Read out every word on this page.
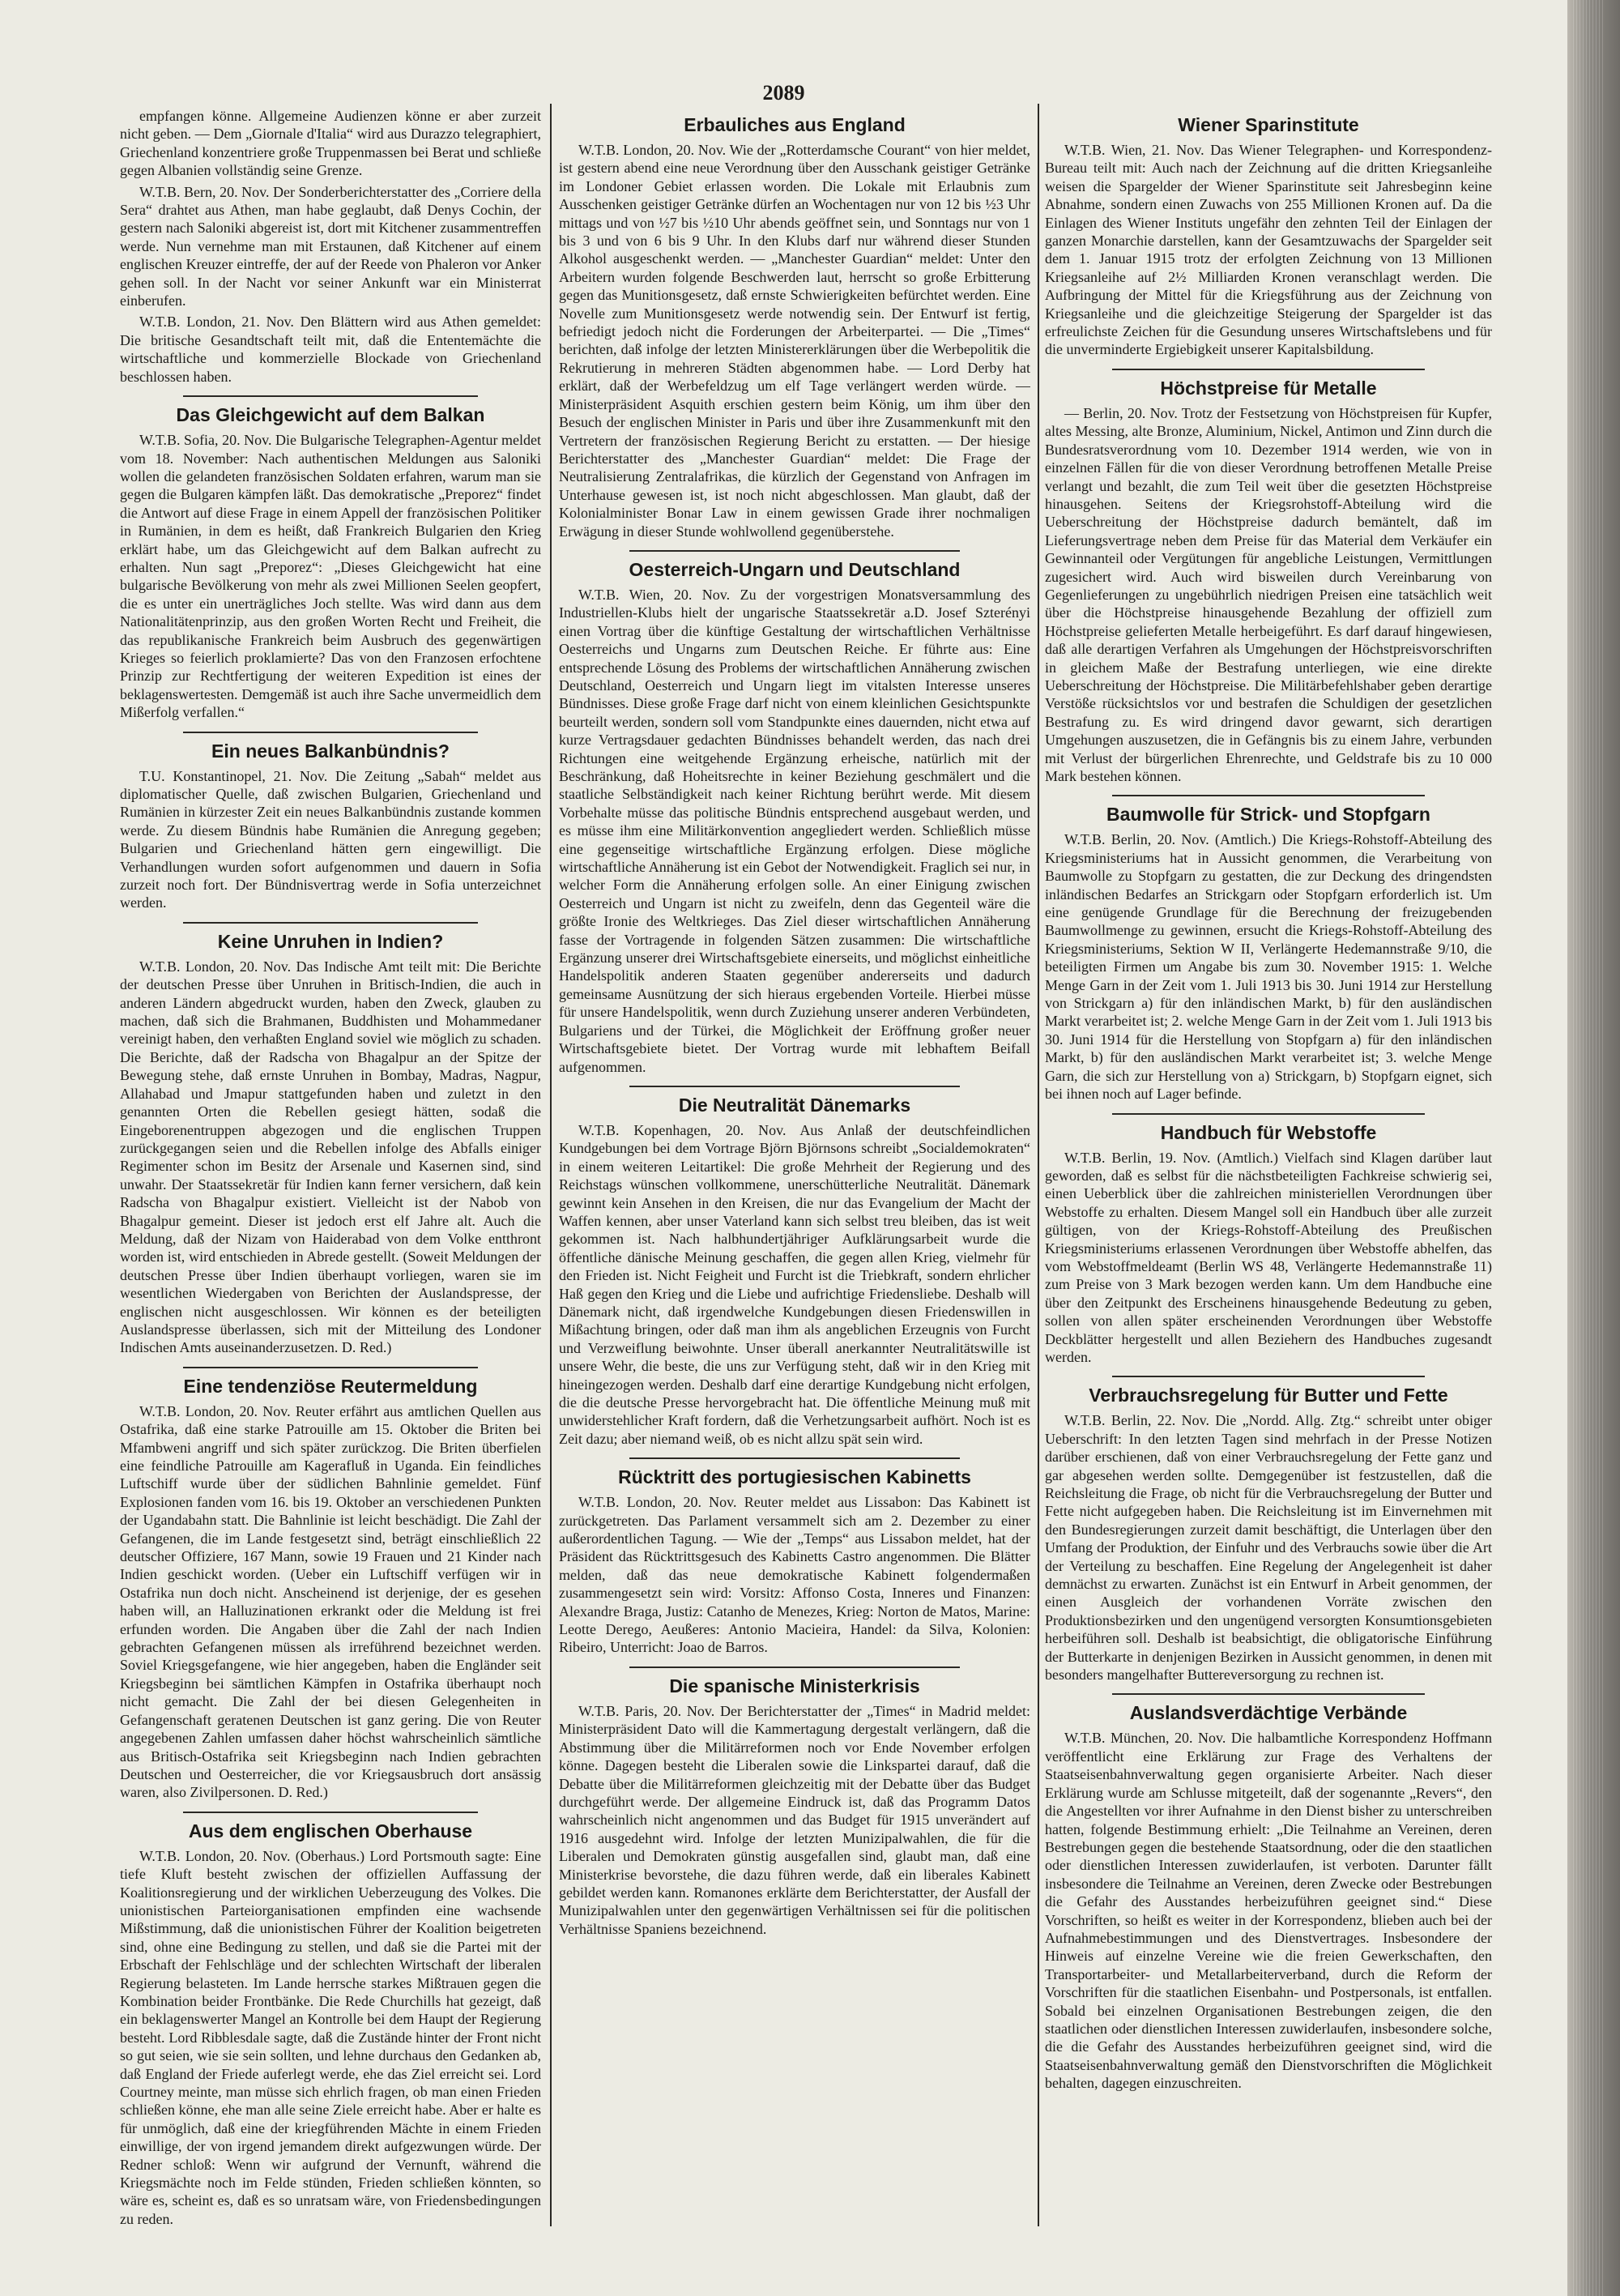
2089

empfangen könne. Allgemeine Audienzen könne er aber zurzeit nicht geben. — Dem „Giornale d'Italia“ wird aus Durazzo telegraphiert, Griechenland konzentriere große Truppenmassen bei Berat und schließe gegen Albanien vollständig seine Grenze.

W.T.B. Bern, 20. Nov. Der Sonderberichterstatter des „Corriere della Sera“ drahtet aus Athen, man habe geglaubt, daß Denys Cochin, der gestern nach Saloniki abgereist ist, dort mit Kitchener zusammentreffen werde. Nun vernehme man mit Erstaunen, daß Kitchener auf einem englischen Kreuzer eintreffe, der auf der Reede von Phaleron vor Anker gehen soll. In der Nacht vor seiner Ankunft war ein Ministerrat einberufen.

W.T.B. London, 21. Nov. Den Blättern wird aus Athen gemeldet: Die britische Gesandtschaft teilt mit, daß die Ententemächte die wirtschaftliche und kommerzielle Blockade von Griechenland beschlossen haben.

Das Gleichgewicht auf dem Balkan

W.T.B. Sofia, 20. Nov. Die Bulgarische Telegraphen-Agentur meldet vom 18. November: Nach authentischen Meldungen aus Saloniki wollen die gelandeten französischen Soldaten erfahren, warum man sie gegen die Bulgaren kämpfen läßt. Das demokratische „Preporez“ findet die Antwort auf diese Frage in einem Appell der französischen Politiker in Rumänien, in dem es heißt, daß Frankreich Bulgarien den Krieg erklärt habe, um das Gleichgewicht auf dem Balkan aufrecht zu erhalten. Nun sagt „Preporez“: „Dieses Gleichgewicht hat eine bulgarische Bevölkerung von mehr als zwei Millionen Seelen geopfert, die es unter ein unerträgliches Joch stellte. Was wird dann aus dem Nationalitätenprinzip, aus den großen Worten Recht und Freiheit, die das republikanische Frankreich beim Ausbruch des gegenwärtigen Krieges so feierlich proklamierte? Das von den Franzosen erfochtene Prinzip zur Rechtfertigung der weiteren Expedition ist eines der beklagenswertesten. Demgemäß ist auch ihre Sache unvermeidlich dem Mißerfolg verfallen.“

Ein neues Balkanbündnis?

T.U. Konstantinopel, 21. Nov. Die Zeitung „Sabah“ meldet aus diplomatischer Quelle, daß zwischen Bulgarien, Griechenland und Rumänien in kürzester Zeit ein neues Balkanbündnis zustande kommen werde. Zu diesem Bündnis habe Rumänien die Anregung gegeben; Bulgarien und Griechenland hätten gern eingewilligt. Die Verhandlungen wurden sofort aufgenommen und dauern in Sofia zurzeit noch fort. Der Bündnisvertrag werde in Sofia unterzeichnet werden.

Keine Unruhen in Indien?

W.T.B. London, 20. Nov. Das Indische Amt teilt mit: Die Berichte der deutschen Presse über Unruhen in Britisch-Indien, die auch in anderen Ländern abgedruckt wurden, haben den Zweck, glauben zu machen, daß sich die Brahmanen, Buddhisten und Mohammedaner vereinigt haben, den verhaßten England soviel wie möglich zu schaden. Die Berichte, daß der Radscha von Bhagalpur an der Spitze der Bewegung stehe, daß ernste Unruhen in Bombay, Madras, Nagpur, Allahabad und Jmapur stattgefunden haben und zuletzt in den genannten Orten die Rebellen gesiegt hätten, sodaß die Eingeborenentruppen abgezogen und die englischen Truppen zurückgegangen seien und die Rebellen infolge des Abfalls einiger Regimenter schon im Besitz der Arsenale und Kasernen sind, sind unwahr. Der Staatssekretär für Indien kann ferner versichern, daß kein Radscha von Bhagalpur existiert. Vielleicht ist der Nabob von Bhagalpur gemeint. Dieser ist jedoch erst elf Jahre alt. Auch die Meldung, daß der Nizam von Haiderabad von dem Volke entthront worden ist, wird entschieden in Abrede gestellt. (Soweit Meldungen der deutschen Presse über Indien überhaupt vorliegen, waren sie im wesentlichen Wiedergaben von Berichten der Auslandspresse, der englischen nicht ausgeschlossen. Wir können es der beteiligten Auslandspresse überlassen, sich mit der Mitteilung des Londoner Indischen Amts auseinanderzusetzen. D. Red.)

Eine tendenziöse Reutermeldung

W.T.B. London, 20. Nov. Reuter erfährt aus amtlichen Quellen aus Ostafrika, daß eine starke Patrouille am 15. Oktober die Briten bei Mfambweni angriff und sich später zurückzog. Die Briten überfielen eine feindliche Patrouille am Kagerafluß in Uganda. Ein feindliches Luftschiff wurde über der südlichen Bahnlinie gemeldet. Fünf Explosionen fanden vom 16. bis 19. Oktober an verschiedenen Punkten der Ugandabahn statt. Die Bahnlinie ist leicht beschädigt. Die Zahl der Gefangenen, die im Lande festgesetzt sind, beträgt einschließlich 22 deutscher Offiziere, 167 Mann, sowie 19 Frauen und 21 Kinder nach Indien geschickt worden. (Ueber ein Luftschiff verfügen wir in Ostafrika nun doch nicht. Anscheinend ist derjenige, der es gesehen haben will, an Halluzinationen erkrankt oder die Meldung ist frei erfunden worden. Die Angaben über die Zahl der nach Indien gebrachten Gefangenen müssen als irreführend bezeichnet werden. Soviel Kriegsgefangene, wie hier angegeben, haben die Engländer seit Kriegsbeginn bei sämtlichen Kämpfen in Ostafrika überhaupt noch nicht gemacht. Die Zahl der bei diesen Gelegenheiten in Gefangenschaft geratenen Deutschen ist ganz gering. Die von Reuter angegebenen Zahlen umfassen daher höchst wahrscheinlich sämtliche aus Britisch-Ostafrika seit Kriegsbeginn nach Indien gebrachten Deutschen und Oesterreicher, die vor Kriegsausbruch dort ansässig waren, also Zivilpersonen. D. Red.)

Aus dem englischen Oberhause

W.T.B. London, 20. Nov. (Oberhaus.) Lord Portsmouth sagte: Eine tiefe Kluft besteht zwischen der offiziellen Auffassung der Koalitionsregierung und der wirklichen Ueberzeugung des Volkes. Die unionistischen Parteiorganisationen empfinden eine wachsende Mißstimmung, daß die unionistischen Führer der Koalition beigetreten sind, ohne eine Bedingung zu stellen, und daß sie die Partei mit der Erbschaft der Fehlschläge und der schlechten Wirtschaft der liberalen Regierung belasteten. Im Lande herrsche starkes Mißtrauen gegen die Kombination beider Frontbänke. Die Rede Churchills hat gezeigt, daß ein beklagenswerter Mangel an Kontrolle bei dem Haupt der Regierung besteht. Lord Ribblesdale sagte, daß die Zustände hinter der Front nicht so gut seien, wie sie sein sollten, und lehne durchaus den Gedanken ab, daß England der Friede auferlegt werde, ehe das Ziel erreicht sei. Lord Courtney meinte, man müsse sich ehrlich fragen, ob man einen Frieden schließen könne, ehe man alle seine Ziele erreicht habe. Aber er halte es für unmöglich, daß eine der kriegführenden Mächte in einem Frieden einwillige, der von irgend jemandem direkt aufgezwungen würde. Der Redner schloß: Wenn wir aufgrund der Vernunft, während die Kriegsmächte noch im Felde stünden, Frieden schließen könnten, so wäre es, scheint es, daß es so unratsam wäre, von Friedensbedingungen zu reden.

Erbauliches aus England

W.T.B. London, 20. Nov. Wie der „Rotterdamsche Courant“ von hier meldet, ist gestern abend eine neue Verordnung über den Ausschank geistiger Getränke im Londoner Gebiet erlassen worden. Die Lokale mit Erlaubnis zum Ausschenken geistiger Getränke dürfen an Wochentagen nur von 12 bis ½3 Uhr mittags und von ½7 bis ½10 Uhr abends geöffnet sein, und Sonntags nur von 1 bis 3 und von 6 bis 9 Uhr. In den Klubs darf nur während dieser Stunden Alkohol ausgeschenkt werden. — „Manchester Guardian“ meldet: Unter den Arbeitern wurden folgende Beschwerden laut, herrscht so große Erbitterung gegen das Munitionsgesetz, daß ernste Schwierigkeiten befürchtet werden. Eine Novelle zum Munitionsgesetz werde notwendig sein. Der Entwurf ist fertig, befriedigt jedoch nicht die Forderungen der Arbeiterpartei. — Die „Times“ berichten, daß infolge der letzten Ministererklärungen über die Werbepolitik die Rekrutierung in mehreren Städten abgenommen habe. — Lord Derby hat erklärt, daß der Werbefeldzug um elf Tage verlängert werden würde. — Ministerpräsident Asquith erschien gestern beim König, um ihm über den Besuch der englischen Minister in Paris und über ihre Zusammenkunft mit den Vertretern der französischen Regierung Bericht zu erstatten. — Der hiesige Berichterstatter des „Manchester Guardian“ meldet: Die Frage der Neutralisierung Zentralafrikas, die kürzlich der Gegenstand von Anfragen im Unterhause gewesen ist, ist noch nicht abgeschlossen. Man glaubt, daß der Kolonialminister Bonar Law in einem gewissen Grade ihrer nochmaligen Erwägung in dieser Stunde wohlwollend gegenüberstehe.

Oesterreich-Ungarn und Deutschland

W.T.B. Wien, 20. Nov. Zu der vorgestrigen Monatsversammlung des Industriellen-Klubs hielt der ungarische Staatssekretär a.D. Josef Szterényi einen Vortrag über die künftige Gestaltung der wirtschaftlichen Verhältnisse Oesterreichs und Ungarns zum Deutschen Reiche. Er führte aus: Eine entsprechende Lösung des Problems der wirtschaftlichen Annäherung zwischen Deutschland, Oesterreich und Ungarn liegt im vitalsten Interesse unseres Bündnisses. Diese große Frage darf nicht von einem kleinlichen Gesichtspunkte beurteilt werden, sondern soll vom Standpunkte eines dauernden, nicht etwa auf kurze Vertragsdauer gedachten Bündnisses behandelt werden, das nach drei Richtungen eine weitgehende Ergänzung erheische, natürlich mit der Beschränkung, daß Hoheitsrechte in keiner Beziehung geschmälert und die staatliche Selbständigkeit nach keiner Richtung berührt werde. Mit diesem Vorbehalte müsse das politische Bündnis entsprechend ausgebaut werden, und es müsse ihm eine Militärkonvention angegliedert werden. Schließlich müsse eine gegenseitige wirtschaftliche Ergänzung erfolgen. Diese mögliche wirtschaftliche Annäherung ist ein Gebot der Notwendigkeit. Fraglich sei nur, in welcher Form die Annäherung erfolgen solle. An einer Einigung zwischen Oesterreich und Ungarn ist nicht zu zweifeln, denn das Gegenteil wäre die größte Ironie des Weltkrieges. Das Ziel dieser wirtschaftlichen Annäherung fasse der Vortragende in folgenden Sätzen zusammen: Die wirtschaftliche Ergänzung unserer drei Wirtschaftsgebiete einerseits, und möglichst einheitliche Handelspolitik anderen Staaten gegenüber andererseits und dadurch gemeinsame Ausnützung der sich hieraus ergebenden Vorteile. Hierbei müsse für unsere Handelspolitik, wenn durch Zuziehung unserer anderen Verbündeten, Bulgariens und der Türkei, die Möglichkeit der Eröffnung großer neuer Wirtschaftsgebiete bietet. Der Vortrag wurde mit lebhaftem Beifall aufgenommen.

Die Neutralität Dänemarks

W.T.B. Kopenhagen, 20. Nov. Aus Anlaß der deutschfeindlichen Kundgebungen bei dem Vortrage Björn Björnsons schreibt „Socialdemokraten“ in einem weiteren Leitartikel: Die große Mehrheit der Regierung und des Reichstags wünschen vollkommene, unerschütterliche Neutralität. Dänemark gewinnt kein Ansehen in den Kreisen, die nur das Evangelium der Macht der Waffen kennen, aber unser Vaterland kann sich selbst treu bleiben, das ist weit gekommen ist. Nach halbhundertjähriger Aufklärungsarbeit wurde die öffentliche dänische Meinung geschaffen, die gegen allen Krieg, vielmehr für den Frieden ist. Nicht Feigheit und Furcht ist die Triebkraft, sondern ehrlicher Haß gegen den Krieg und die Liebe und aufrichtige Friedensliebe. Deshalb will Dänemark nicht, daß irgendwelche Kundgebungen diesen Friedenswillen in Mißachtung bringen, oder daß man ihm als angeblichen Erzeugnis von Furcht und Verzweiflung beiwohnte. Unser überall anerkannter Neutralitätswille ist unsere Wehr, die beste, die uns zur Verfügung steht, daß wir in den Krieg mit hineingezogen werden. Deshalb darf eine derartige Kundgebung nicht erfolgen, die die deutsche Presse hervorgebracht hat. Die öffentliche Meinung muß mit unwiderstehlicher Kraft fordern, daß die Verhetzungsarbeit aufhört. Noch ist es Zeit dazu; aber niemand weiß, ob es nicht allzu spät sein wird.

Rücktritt des portugiesischen Kabinetts

W.T.B. London, 20. Nov. Reuter meldet aus Lissabon: Das Kabinett ist zurückgetreten. Das Parlament versammelt sich am 2. Dezember zu einer außerordentlichen Tagung. — Wie der „Temps“ aus Lissabon meldet, hat der Präsident das Rücktrittsgesuch des Kabinetts Castro angenommen. Die Blätter melden, daß das neue demokratische Kabinett folgendermaßen zusammengesetzt sein wird: Vorsitz: Affonso Costa, Inneres und Finanzen: Alexandre Braga, Justiz: Catanho de Menezes, Krieg: Norton de Matos, Marine: Leotte Derego, Aeußeres: Antonio Macieira, Handel: da Silva, Kolonien: Ribeiro, Unterricht: Joao de Barros.

Die spanische Ministerkrisis

W.T.B. Paris, 20. Nov. Der Berichterstatter der „Times“ in Madrid meldet: Ministerpräsident Dato will die Kammertagung dergestalt verlängern, daß die Abstimmung über die Militärreformen noch vor Ende November erfolgen könne. Dagegen besteht die Liberalen sowie die Linkspartei darauf, daß die Debatte über die Militärreformen gleichzeitig mit der Debatte über das Budget durchgeführt werde. Der allgemeine Eindruck ist, daß das Programm Datos wahrscheinlich nicht angenommen und das Budget für 1915 unverändert auf 1916 ausgedehnt wird. Infolge der letzten Munizipalwahlen, die für die Liberalen und Demokraten günstig ausgefallen sind, glaubt man, daß eine Ministerkrise bevorstehe, die dazu führen werde, daß ein liberales Kabinett gebildet werden kann. Romanones erklärte dem Berichterstatter, der Ausfall der Munizipalwahlen unter den gegenwärtigen Verhältnissen sei für die politischen Verhältnisse Spaniens bezeichnend.

Wiener Sparinstitute

W.T.B. Wien, 21. Nov. Das Wiener Telegraphen- und Korrespondenz-Bureau teilt mit: Auch nach der Zeichnung auf die dritten Kriegsanleihe weisen die Spargelder der Wiener Sparinstitute seit Jahresbeginn keine Abnahme, sondern einen Zuwachs von 255 Millionen Kronen auf. Da die Einlagen des Wiener Instituts ungefähr den zehnten Teil der Einlagen der ganzen Monarchie darstellen, kann der Gesamtzuwachs der Spargelder seit dem 1. Januar 1915 trotz der erfolgten Zeichnung von 13 Millionen Kriegsanleihe auf 2½ Milliarden Kronen veranschlagt werden. Die Aufbringung der Mittel für die Kriegsführung aus der Zeichnung von Kriegsanleihe und die gleichzeitige Steigerung der Spargelder ist das erfreulichste Zeichen für die Gesundung unseres Wirtschaftslebens und für die unverminderte Ergiebigkeit unserer Kapitalsbildung.

Höchstpreise für Metalle

— Berlin, 20. Nov. Trotz der Festsetzung von Höchstpreisen für Kupfer, altes Messing, alte Bronze, Aluminium, Nickel, Antimon und Zinn durch die Bundesratsverordnung vom 10. Dezember 1914 werden, wie von in einzelnen Fällen für die von dieser Verordnung betroffenen Metalle Preise verlangt und bezahlt, die zum Teil weit über die gesetzten Höchstpreise hinausgehen. Seitens der Kriegsrohstoff-Abteilung wird die Ueberschreitung der Höchstpreise dadurch bemäntelt, daß im Lieferungsvertrage neben dem Preise für das Material dem Verkäufer ein Gewinnanteil oder Vergütungen für angebliche Leistungen, Vermittlungen zugesichert wird. Auch wird bisweilen durch Vereinbarung von Gegenlieferungen zu ungebührlich niedrigen Preisen eine tatsächlich weit über die Höchstpreise hinausgehende Bezahlung der offiziell zum Höchstpreise gelieferten Metalle herbeigeführt. Es darf darauf hingewiesen, daß alle derartigen Verfahren als Umgehungen der Höchstpreisvorschriften in gleichem Maße der Bestrafung unterliegen, wie eine direkte Ueberschreitung der Höchstpreise. Die Militärbefehlshaber geben derartige Verstöße rücksichtslos vor und bestrafen die Schuldigen der gesetzlichen Bestrafung zu. Es wird dringend davor gewarnt, sich derartigen Umgehungen auszusetzen, die in Gefängnis bis zu einem Jahre, verbunden mit Verlust der bürgerlichen Ehrenrechte, und Geldstrafe bis zu 10 000 Mark bestehen können.

Baumwolle für Strick- und Stopfgarn

W.T.B. Berlin, 20. Nov. (Amtlich.) Die Kriegs-Rohstoff-Abteilung des Kriegsministeriums hat in Aussicht genommen, die Verarbeitung von Baumwolle zu Stopfgarn zu gestatten, die zur Deckung des dringendsten inländischen Bedarfes an Strickgarn oder Stopfgarn erforderlich ist. Um eine genügende Grundlage für die Berechnung der freizugebenden Baumwollmenge zu gewinnen, ersucht die Kriegs-Rohstoff-Abteilung des Kriegsministeriums, Sektion W II, Verlängerte Hedemannstraße 9/10, die beteiligten Firmen um Angabe bis zum 30. November 1915: 1. Welche Menge Garn in der Zeit vom 1. Juli 1913 bis 30. Juni 1914 zur Herstellung von Strickgarn a) für den inländischen Markt, b) für den ausländischen Markt verarbeitet ist; 2. welche Menge Garn in der Zeit vom 1. Juli 1913 bis 30. Juni 1914 für die Herstellung von Stopfgarn a) für den inländischen Markt, b) für den ausländischen Markt verarbeitet ist; 3. welche Menge Garn, die sich zur Herstellung von a) Strickgarn, b) Stopfgarn eignet, sich bei ihnen noch auf Lager befinde.

Handbuch für Webstoffe

W.T.B. Berlin, 19. Nov. (Amtlich.) Vielfach sind Klagen darüber laut geworden, daß es selbst für die nächstbeteiligten Fachkreise schwierig sei, einen Ueberblick über die zahlreichen ministeriellen Verordnungen über Webstoffe zu erhalten. Diesem Mangel soll ein Handbuch über alle zurzeit gültigen, von der Kriegs-Rohstoff-Abteilung des Preußischen Kriegsministeriums erlassenen Verordnungen über Webstoffe abhelfen, das vom Webstoffmeldeamt (Berlin WS 48, Verlängerte Hedemannstraße 11) zum Preise von 3 Mark bezogen werden kann. Um dem Handbuche eine über den Zeitpunkt des Erscheinens hinausgehende Bedeutung zu geben, sollen von allen später erscheinenden Verordnungen über Webstoffe Deckblätter hergestellt und allen Beziehern des Handbuches zugesandt werden.

Verbrauchsregelung für Butter und Fette

W.T.B. Berlin, 22. Nov. Die „Nordd. Allg. Ztg.“ schreibt unter obiger Ueberschrift: In den letzten Tagen sind mehrfach in der Presse Notizen darüber erschienen, daß von einer Verbrauchsregelung der Fette ganz und gar abgesehen werden sollte. Demgegenüber ist festzustellen, daß die Reichsleitung die Frage, ob nicht für die Verbrauchsregelung der Butter und Fette nicht aufgegeben haben. Die Reichsleitung ist im Einvernehmen mit den Bundesregierungen zurzeit damit beschäftigt, die Unterlagen über den Umfang der Produktion, der Einfuhr und des Verbrauchs sowie über die Art der Verteilung zu beschaffen. Eine Regelung der Angelegenheit ist daher demnächst zu erwarten. Zunächst ist ein Entwurf in Arbeit genommen, der einen Ausgleich der vorhandenen Vorräte zwischen den Produktionsbezirken und den ungenügend versorgten Konsumtionsgebieten herbeiführen soll. Deshalb ist beabsichtigt, die obligatorische Einführung der Butterkarte in denjenigen Bezirken in Aussicht genommen, in denen mit besonders mangelhafter Buttereversorgung zu rechnen ist.

Auslandsverdächtige Verbände

W.T.B. München, 20. Nov. Die halbamtliche Korrespondenz Hoffmann veröffentlicht eine Erklärung zur Frage des Verhaltens der Staatseisenbahnverwaltung gegen organisierte Arbeiter. Nach dieser Erklärung wurde am Schlusse mitgeteilt, daß der sogenannte „Revers“, den die Angestellten vor ihrer Aufnahme in den Dienst bisher zu unterschreiben hatten, folgende Bestimmung erhielt: „Die Teilnahme an Vereinen, deren Bestrebungen gegen die bestehende Staatsordnung, oder die den staatlichen oder dienstlichen Interessen zuwiderlaufen, ist verboten. Darunter fällt insbesondere die Teilnahme an Vereinen, deren Zwecke oder Bestrebungen die Gefahr des Ausstandes herbeizuführen geeignet sind.“ Diese Vorschriften, so heißt es weiter in der Korrespondenz, blieben auch bei der Aufnahmebestimmungen und des Dienstvertrages. Insbesondere der Hinweis auf einzelne Vereine wie die freien Gewerkschaften, den Transportarbeiter- und Metallarbeiterverband, durch die Reform der Vorschriften für die staatlichen Eisenbahn- und Postpersonals, ist entfallen. Sobald bei einzelnen Organisationen Bestrebungen zeigen, die den staatlichen oder dienstlichen Interessen zuwiderlaufen, insbesondere solche, die die Gefahr des Ausstandes herbeizuführen geeignet sind, wird die Staatseisenbahnverwaltung gemäß den Dienstvorschriften die Möglichkeit behalten, dagegen einzuschreiten.
